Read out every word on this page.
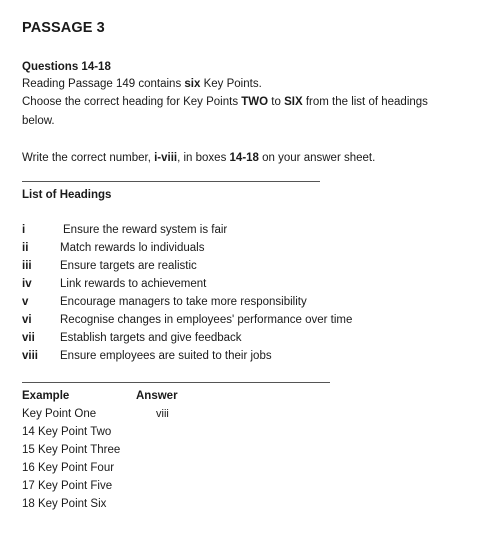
PASSAGE 3
Questions 14-18
Reading Passage 149 contains six Key Points.
Choose the correct heading for Key Points TWO to SIX from the list of headings
below.
Write the correct number, i-viii, in boxes 14-18 on your answer sheet.
List of Headings
i	Ensure the reward system is fair
ii	Match rewards lo individuals
iii	Ensure targets are realistic
iv	Link rewards to achievement
v	Encourage managers to take more responsibility
vi	Recognise changes in employees' performance over time
vii	Establish targets and give feedback
viii	Ensure employees are suited to their jobs
Example	Answer
Key Point One	viii
14 Key Point Two
15 Key Point Three
16 Key Point Four
17 Key Point Five
18 Key Point Six
